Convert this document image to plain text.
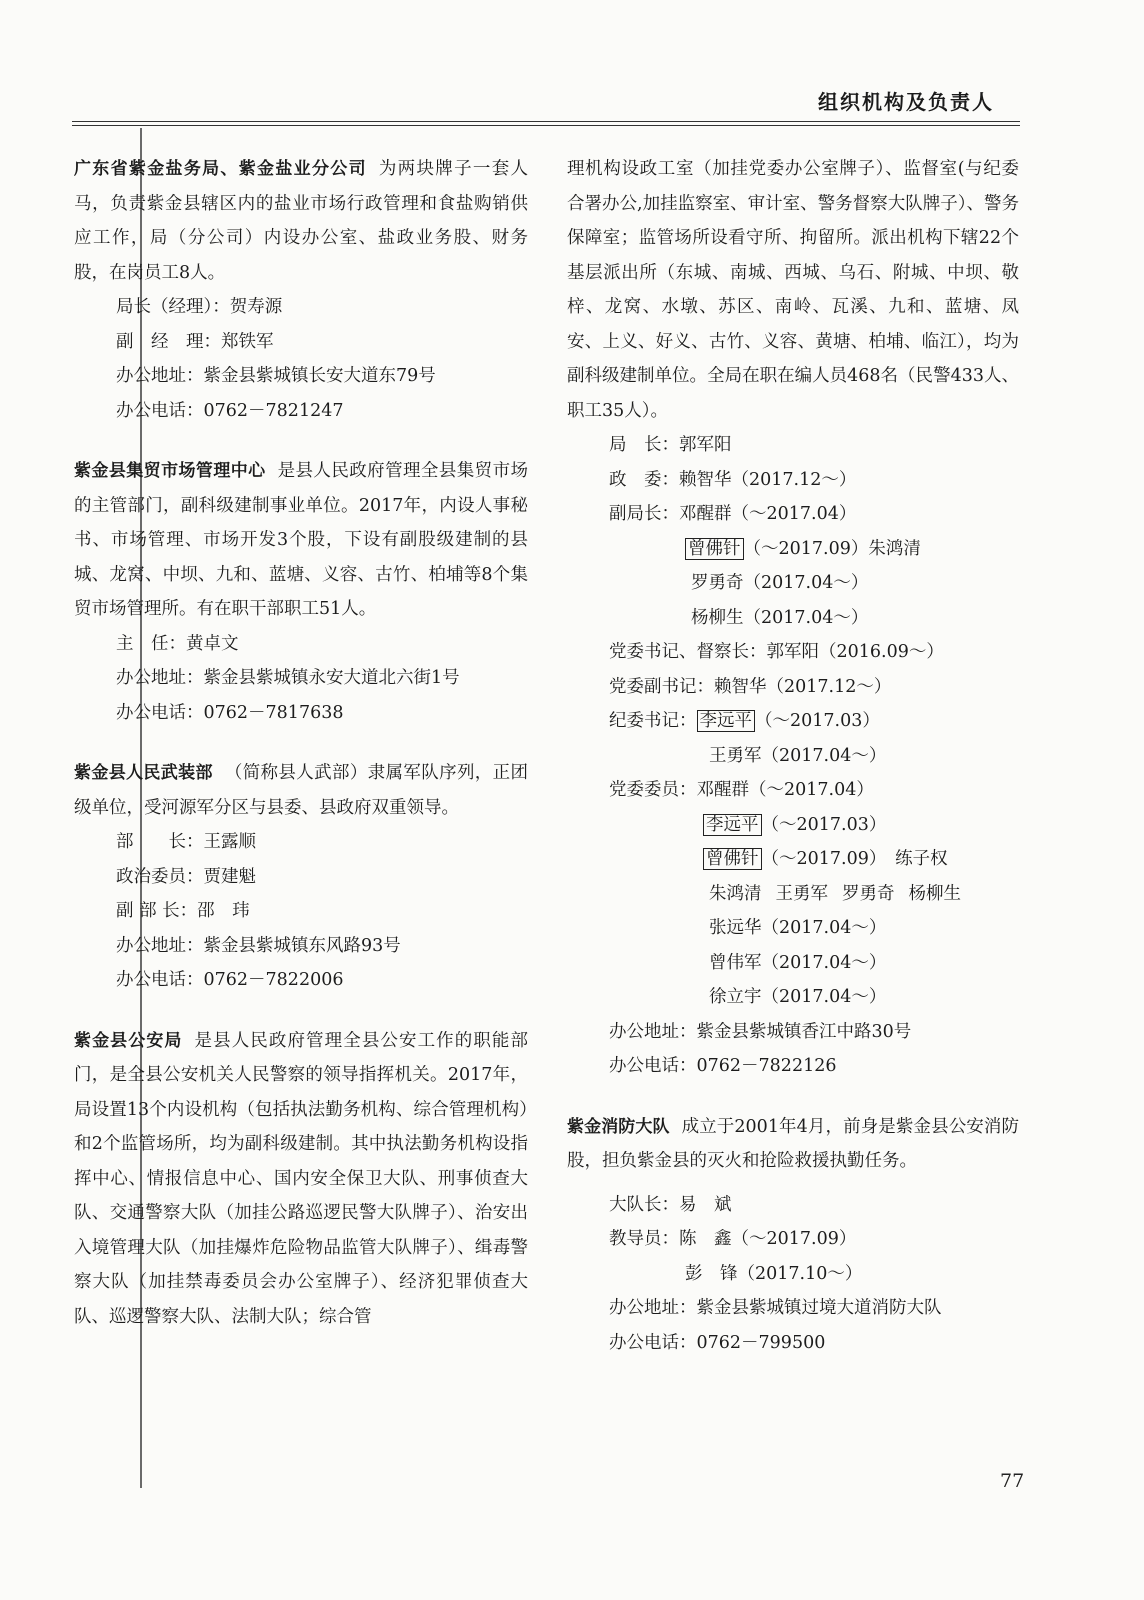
组织机构及负责人
广东省紫金盐务局、紫金盐业分公司 为两块牌子一套人马，负责紫金县辖区内的盐业市场行政管理和食盐购销供应工作，局（分公司）内设办公室、盐政业务股、财务股，在岗员工8人。
局长（经理）：贺寿源
副　经　理：郑铁军
办公地址：紫金县紫城镇长安大道东79号
办公电话：0762－7821247
紫金县集贸市场管理中心 是县人民政府管理全县集贸市场的主管部门，副科级建制事业单位。2017年，内设人事秘书、市场管理、市场开发3个股，下设有副股级建制的县城、龙窝、中坝、九和、蓝塘、义容、古竹、柏埔等8个集贸市场管理所。有在职干部职工51人。
主　任：黄卓文
办公地址：紫金县紫城镇永安大道北六街1号
办公电话：0762－7817638
紫金县人民武装部 （简称县人武部）隶属军队序列，正团级单位，受河源军分区与县委、县政府双重领导。
部　　长：王露顺
政治委员：贾建魁
副 部 长：邵　玮
办公地址：紫金县紫城镇东风路93号
办公电话：0762－7822006
紫金县公安局 是县人民政府管理全县公安工作的职能部门，是全县公安机关人民警察的领导指挥机关。2017年，局设置13个内设机构（包括执法勤务机构、综合管理机构）和2个监管场所，均为副科级建制。其中执法勤务机构设指挥中心、情报信息中心、国内安全保卫大队、刑事侦查大队、交通警察大队（加挂公路巡逻民警大队牌子）、治安出入境管理大队（加挂爆炸危险物品监管大队牌子）、缉毒警察大队（加挂禁毒委员会办公室牌子）、经济犯罪侦查大队、巡逻警察大队、法制大队；综合管
理机构设政工室（加挂党委办公室牌子）、监督室(与纪委合署办公,加挂监察室、审计室、警务督察大队牌子）、警务保障室；监管场所设看守所、拘留所。派出机构下辖22个基层派出所（东城、南城、西城、乌石、附城、中坝、敬梓、龙窝、水墩、苏区、南岭、瓦溪、九和、蓝塘、凤安、上义、好义、古竹、义容、黄塘、柏埔、临江），均为副科级建制单位。全局在职在编人员468名（民警433人、职工35人）。
局　长：郭军阳
政　委：赖智华（2017.12～）
副局长：邓醒群（～2017.04）
曾佛针 （～2017.09）朱鸿清
罗勇奇（2017.04～）
杨柳生（2017.04～）
党委书记、督察长：郭军阳（2016.09～）
党委副书记：赖智华（2017.12～）
纪委书记： 李远平 （～2017.03）
王勇军（2017.04～）
党委委员：邓醒群（～2017.04）
李远平 （～2017.03）
曾佛针 （～2017.09）　练子权
朱鸿清 王勇军 罗勇奇 杨柳生
张远华（2017.04～）
曾伟军（2017.04～）
徐立宇（2017.04～）
办公地址：紫金县紫城镇香江中路30号
办公电话：0762－7822126
紫金消防大队 成立于2001年4月，前身是紫金县公安消防股，担负紫金县的灭火和抢险救援执勤任务。
大队长：易　斌
教导员：陈　鑫（～2017.09）
彭　锋（2017.10～）
办公地址：紫金县紫城镇过境大道消防大队
办公电话：0762－799500
77
